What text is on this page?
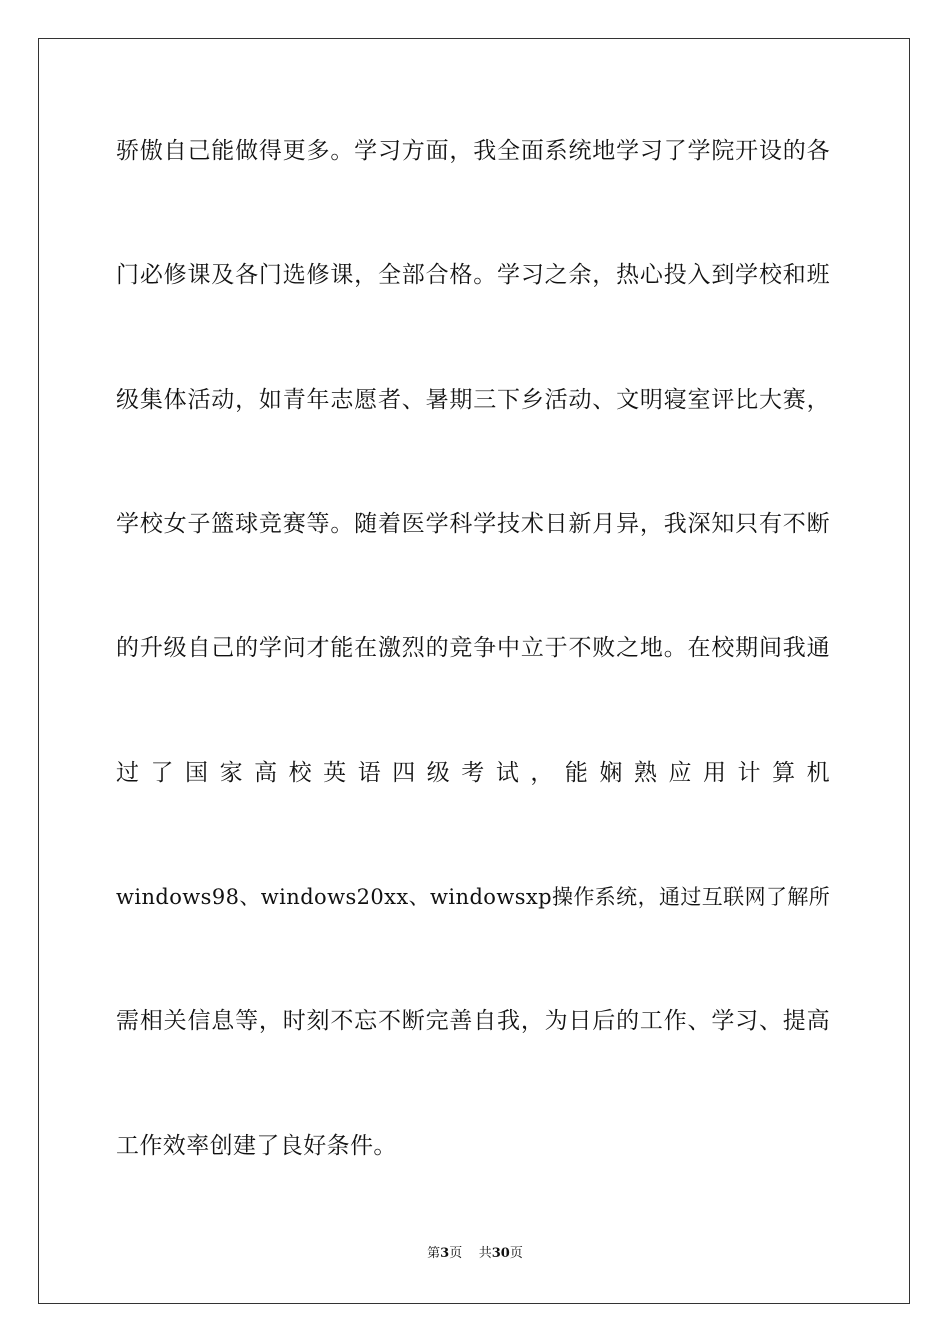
骄傲自己能做得更多。学习方面，我全面系统地学习了学院开设的各
门必修课及各门选修课，全部合格。学习之余，热心投入到学校和班
级集体活动，如青年志愿者、暑期三下乡活动、文明寝室评比大赛，
学校女子篮球竞赛等。随着医学科学技术日新月异，我深知只有不断
的升级自己的学问才能在激烈的竞争中立于不败之地。在校期间我通
过了国家高校英语四级考试，能娴熟应用计算机
windows98、windows20xx、windowsxp操作系统，通过互联网了解所
需相关信息等，时刻不忘不断完善自我，为日后的工作、学习、提高
工作效率创建了良好条件。
第3页 共30页
